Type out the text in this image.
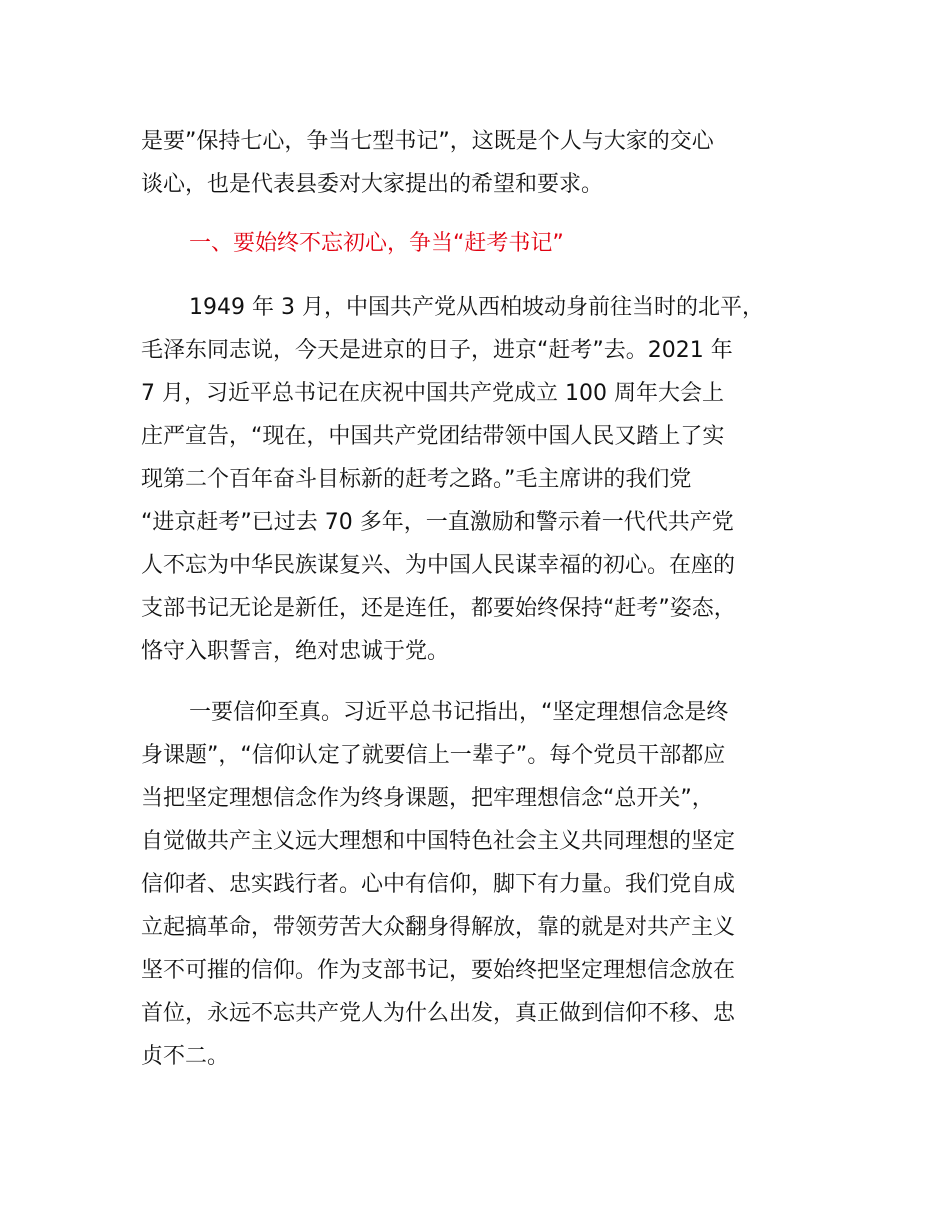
是要”保持七心，争当七型书记”，这既是个人与大家的交心
谈心，也是代表县委对大家提出的希望和要求。

一、要始终不忘初心，争当“赶考书记”

1949 年 3 月，中国共产党从西柏坡动身前往当时的北平，
毛泽东同志说，今天是进京的日子，进京“赶考”去。2021 年
7 月，习近平总书记在庆祝中国共产党成立 100 周年大会上
庄严宣告，“现在，中国共产党团结带领中国人民又踏上了实
现第二个百年奋斗目标新的赶考之路。”毛主席讲的我们党
“进京赶考”已过去 70 多年，一直激励和警示着一代代共产党
人不忘为中华民族谋复兴、为中国人民谋幸福的初心。在座的
支部书记无论是新任，还是连任，都要始终保持“赶考”姿态，
恪守入职誓言，绝对忠诚于党。

一要信仰至真。习近平总书记指出，“坚定理想信念是终
身课题”，“信仰认定了就要信上一辈子”。每个党员干部都应
当把坚定理想信念作为终身课题，把牢理想信念“总开关”，
自觉做共产主义远大理想和中国特色社会主义共同理想的坚定
信仰者、忠实践行者。心中有信仰，脚下有力量。我们党自成
立起搞革命，带领劳苦大众翻身得解放，靠的就是对共产主义
坚不可摧的信仰。作为支部书记，要始终把坚定理想信念放在
首位，永远不忘共产党人为什么出发，真正做到信仰不移、忠
贞不二。
